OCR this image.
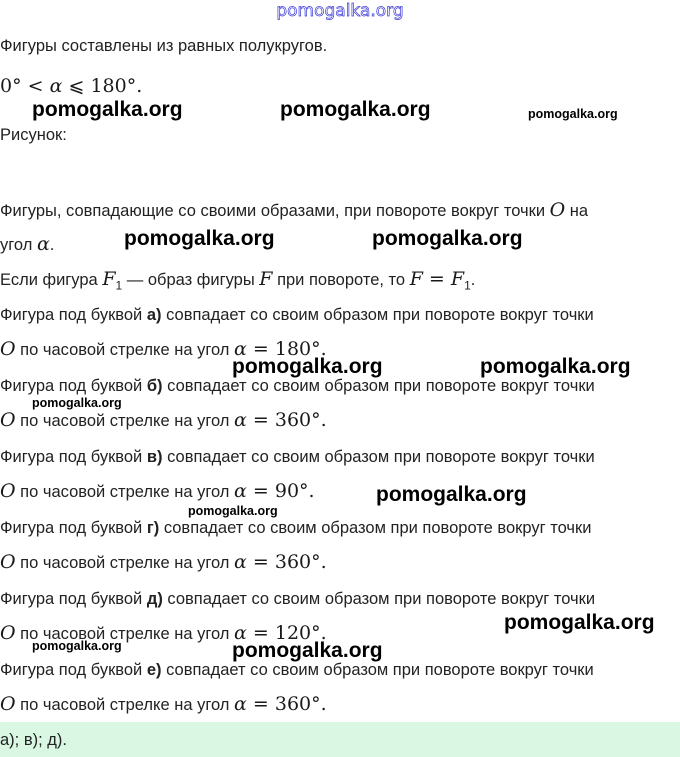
pomogalka.org
Фигуры составлены из равных полукругов.
0° < α ⩽ 180°.
Рисунок:
Фигуры, совпадающие со своими образами, при повороте вокруг точки O на
угол α.
Если фигура $F_1$ — образ фигуры F при повороте, то $F = F_1$.
Фигура под буквой а) совпадает со своим образом при повороте вокруг точки
O по часовой стрелке на угол α = 180°.
Фигура под буквой б) совпадает со своим образом при повороте вокруг точки
O по часовой стрелке на угол α = 360°.
Фигура под буквой в) совпадает со своим образом при повороте вокруг точки
O по часовой стрелке на угол α = 90°.
Фигура под буквой г) совпадает со своим образом при повороте вокруг точки
O по часовой стрелке на угол α = 360°.
Фигура под буквой д) совпадает со своим образом при повороте вокруг точки
O по часовой стрелке на угол α = 120°.
Фигура под буквой е) совпадает со своим образом при повороте вокруг точки
O по часовой стрелке на угол α = 360°.
а); в); д).
pomogalka.org	pomogalka.org	pomogalka.org
pomogalka.org	pomogalka.org
pomogalka.org	pomogalka.org
pomogalka.org
pomogalka.org
pomogalka.org
pomogalka.org
pomogalka.org	pomogalka.org
